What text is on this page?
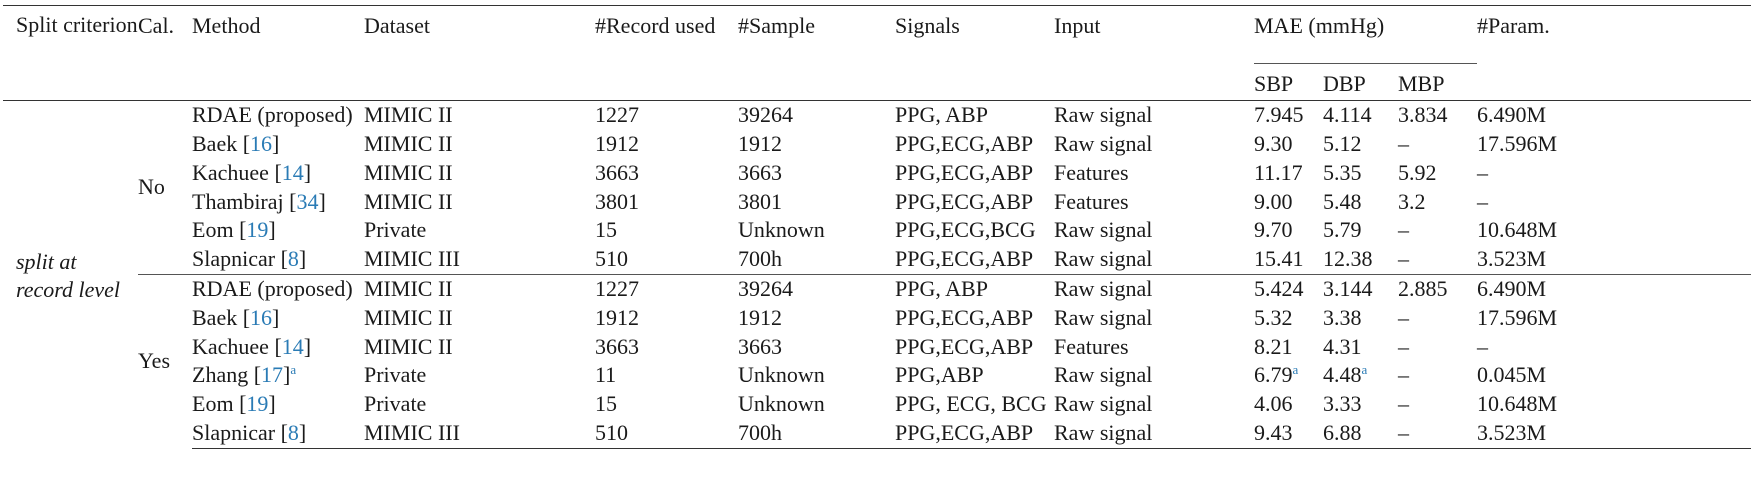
Split criterion	Cal.	Method	Dataset	#Record used	#Sample	Signals	Input	MAE (mmHg)			#Param.
								SBP	DBP	MBP	

split at record level	No	RDAE (proposed)	MIMIC II	1227	39264	PPG, ABP	Raw signal	7.945	4.114	3.834	6.490M
		Baek [16]	MIMIC II	1912	1912	PPG,ECG,ABP	Raw signal	9.30	5.12	–	17.596M
		Kachuee [14]	MIMIC II	3663	3663	PPG,ECG,ABP	Features	11.17	5.35	5.92	–
		Thambiraj [34]	MIMIC II	3801	3801	PPG,ECG,ABP	Features	9.00	5.48	3.2	–
		Eom [19]	Private	15	Unknown	PPG,ECG,BCG	Raw signal	9.70	5.79	–	10.648M
		Slapnicar [8]	MIMIC III	510	700h	PPG,ECG,ABP	Raw signal	15.41	12.38	–	3.523M
	Yes	RDAE (proposed)	MIMIC II	1227	39264	PPG, ABP	Raw signal	5.424	3.144	2.885	6.490M
		Baek [16]	MIMIC II	1912	1912	PPG,ECG,ABP	Raw signal	5.32	3.38	–	17.596M
		Kachuee [14]	MIMIC II	3663	3663	PPG,ECG,ABP	Features	8.21	4.31	–	–
		Zhang [17]$^a$	Private	11	Unknown	PPG,ABP	Raw signal	6.79$^a$	4.48$^a$	–	0.045M
		Eom [19]	Private	15	Unknown	PPG, ECG, BCG	Raw signal	4.06	3.33	–	10.648M
		Slapnicar [8]	MIMIC III	510	700h	PPG,ECG,ABP	Raw signal	9.43	6.88	–	3.523M
